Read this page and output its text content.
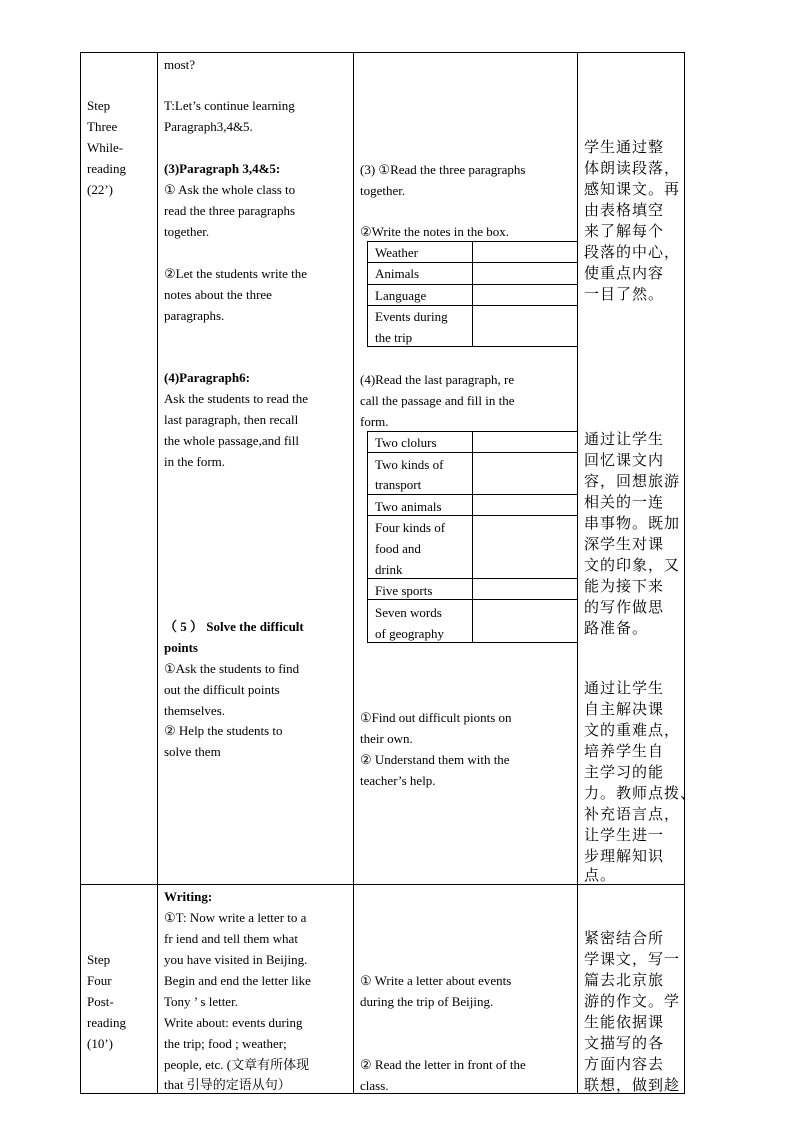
Step
Three
While-
reading
(22’)
Step
Four
Post-
reading
(10’)
most?
T:Let’s continue learning
Paragraph3,4&5.
(3)Paragraph 3,4&5:
① Ask the whole class to
read the three paragraphs
together.
②Let the students write the
notes about the three
paragraphs.
(4)Paragraph6:
Ask the students to read the
last paragraph, then recall
the whole passage,and fill
in the form.
（ 5 ） Solve the difficult
points
①Ask the students to find
out the difficult points
themselves.
② Help the students to
solve them
Writing:
①T: Now write a letter to a
fr iend and tell them what
you have visited in Beijing.
Begin and end the letter like
Tony ’ s letter.
Write about: events during
the trip; food ; weather;
people, etc. (文章有所体现
that 引导的定语从句）
(3) ①Read the three paragraphs
together.
②Write the notes in the box.
Weather
Animals
Language
Events during
the trip
(4)Read the last paragraph, re
call the passage and fill in the
form.
Two clolurs
Two kinds of
transport
Two animals
Four kinds of
food and
drink
Five sports
Seven words
of geography
①Find out difficult pionts on
their own.
② Understand them with the
teacher’s help.
① Write a letter about events
during the trip of Beijing.
② Read the letter in front of the
class.
学生通过整
体朗读段落，
感知课文。再
由表格填空
来了解每个
段落的中心，
使重点内容
一目了然。
通过让学生
回忆课文内
容，回想旅游
相关的一连
串事物。既加
深学生对课
文的印象，又
能为接下来
的写作做思
路准备。
通过让学生
自主解决课
文的重难点，
培养学生自
主学习的能
力。教师点拨、
补充语言点，
让学生进一
步理解知识
点。
紧密结合所
学课文，写一
篇去北京旅
游的作文。学
生能依据课
文描写的各
方面内容去
联想，做到趁
